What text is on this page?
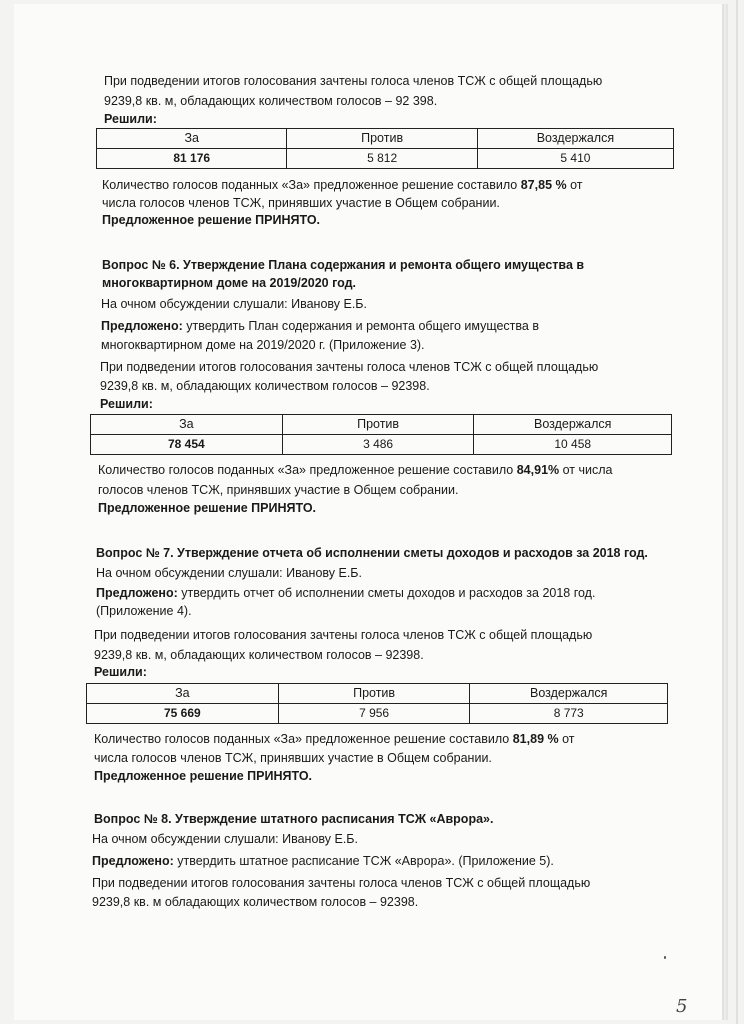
При подведении итогов голосования зачтены голоса членов ТСЖ с общей площадью
9239,8 кв. м, обладающих количеством голосов – 92 398.
Решили:
За	Против	Воздержался
81 176	5 812	5 410
Количество голосов поданных «За» предложенное решение составило 87,85 % от
числа голосов членов ТСЖ, принявших участие в Общем собрании.
Предложенное решение ПРИНЯТО.
Вопрос № 6. Утверждение Плана содержания и ремонта общего имущества в
многоквартирном доме на 2019/2020 год.
На очном обсуждении слушали: Иванову Е.Б.
Предложено: утвердить План содержания и ремонта общего имущества в
многоквартирном доме на 2019/2020 г. (Приложение 3).
При подведении итогов голосования зачтены голоса членов ТСЖ с общей площадью
9239,8 кв. м, обладающих количеством голосов – 92398.
Решили:
За	Против	Воздержался
78 454	3 486	10 458
Количество голосов поданных «За» предложенное решение составило 84,91% от числа
голосов членов ТСЖ, принявших участие в Общем собрании.
Предложенное решение ПРИНЯТО.
Вопрос № 7. Утверждение отчета об исполнении сметы доходов и расходов за 2018 год.
На очном обсуждении слушали: Иванову Е.Б.
Предложено: утвердить отчет об исполнении сметы доходов и расходов за 2018 год.
(Приложение 4).
При подведении итогов голосования зачтены голоса членов ТСЖ с общей площадью
9239,8 кв. м, обладающих количеством голосов – 92398.
Решили:
За	Против	Воздержался
75 669	7 956	8 773
Количество голосов поданных «За» предложенное решение составило 81,89 % от
числа голосов членов ТСЖ, принявших участие в Общем собрании.
Предложенное решение ПРИНЯТО.
Вопрос № 8. Утверждение штатного расписания ТСЖ «Аврора».
На очном обсуждении слушали: Иванову Е.Б.
Предложено: утвердить штатное расписание ТСЖ «Аврора». (Приложение 5).
При подведении итогов голосования зачтены голоса членов ТСЖ с общей площадью
9239,8 кв. м обладающих количеством голосов – 92398.
5
